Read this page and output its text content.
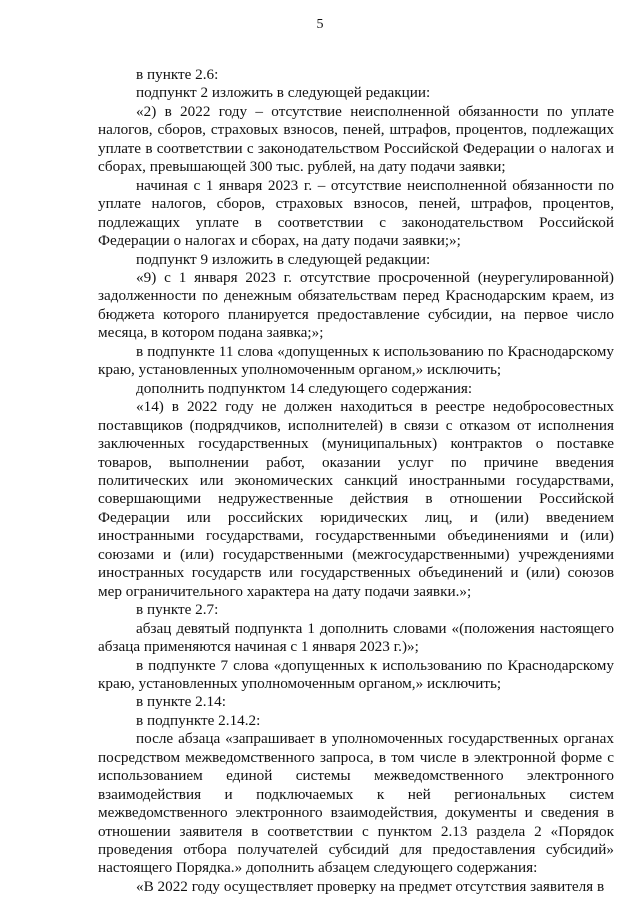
5

в пункте 2.6:

подпункт 2 изложить в следующей редакции:

«2) в 2022 году – отсутствие неисполненной обязанности по уплате налогов, сборов, страховых взносов, пеней, штрафов, процентов, подлежащих уплате в соответствии с законодательством Российской Федерации о налогах и сборах, превышающей 300 тыс. рублей, на дату подачи заявки;

начиная с 1 января 2023 г. – отсутствие неисполненной обязанности по уплате налогов, сборов, страховых взносов, пеней, штрафов, процентов, подлежащих уплате в соответствии с законодательством Российской Федерации о налогах и сборах, на дату подачи заявки;»;

подпункт 9 изложить в следующей редакции:

«9) с 1 января 2023 г. отсутствие просроченной (неурегулированной) задолженности по денежным обязательствам перед Краснодарским краем, из бюджета которого планируется предоставление субсидии, на первое число месяца, в котором подана заявка;»;

в подпункте 11 слова «допущенных к использованию по Краснодарскому краю, установленных уполномоченным органом,» исключить;

дополнить подпунктом 14 следующего содержания:

«14) в 2022 году не должен находиться в реестре недобросовестных поставщиков (подрядчиков, исполнителей) в связи с отказом от исполнения заключенных государственных (муниципальных) контрактов о поставке товаров, выполнении работ, оказании услуг по причине введения политических или экономических санкций иностранными государствами, совершающими недружественные действия в отношении Российской Федерации или российских юридических лиц, и (или) введением иностранными государствами, государственными объединениями и (или) союзами и (или) государственными (межгосударственными) учреждениями иностранных государств или государственных объединений и (или) союзов мер ограничительного характера на дату подачи заявки.»;

в пункте 2.7:

абзац девятый подпункта 1 дополнить словами «(положения настоящего абзаца применяются начиная с 1 января 2023 г.)»;

в подпункте 7 слова «допущенных к использованию по Краснодарскому краю, установленных уполномоченным органом,» исключить;

в пункте 2.14:

в подпункте 2.14.2:

после абзаца «запрашивает в уполномоченных государственных органах посредством межведомственного запроса, в том числе в электронной форме с использованием единой системы межведомственного электронного взаимодействия и подключаемых к ней региональных систем межведомственного электронного взаимодействия, документы и сведения в отношении заявителя в соответствии с пунктом 2.13 раздела 2 «Порядок проведения отбора получателей субсидий для предоставления субсидий» настоящего Порядка.» дополнить абзацем следующего содержания:

«В 2022 году осуществляет проверку на предмет отсутствия заявителя в
